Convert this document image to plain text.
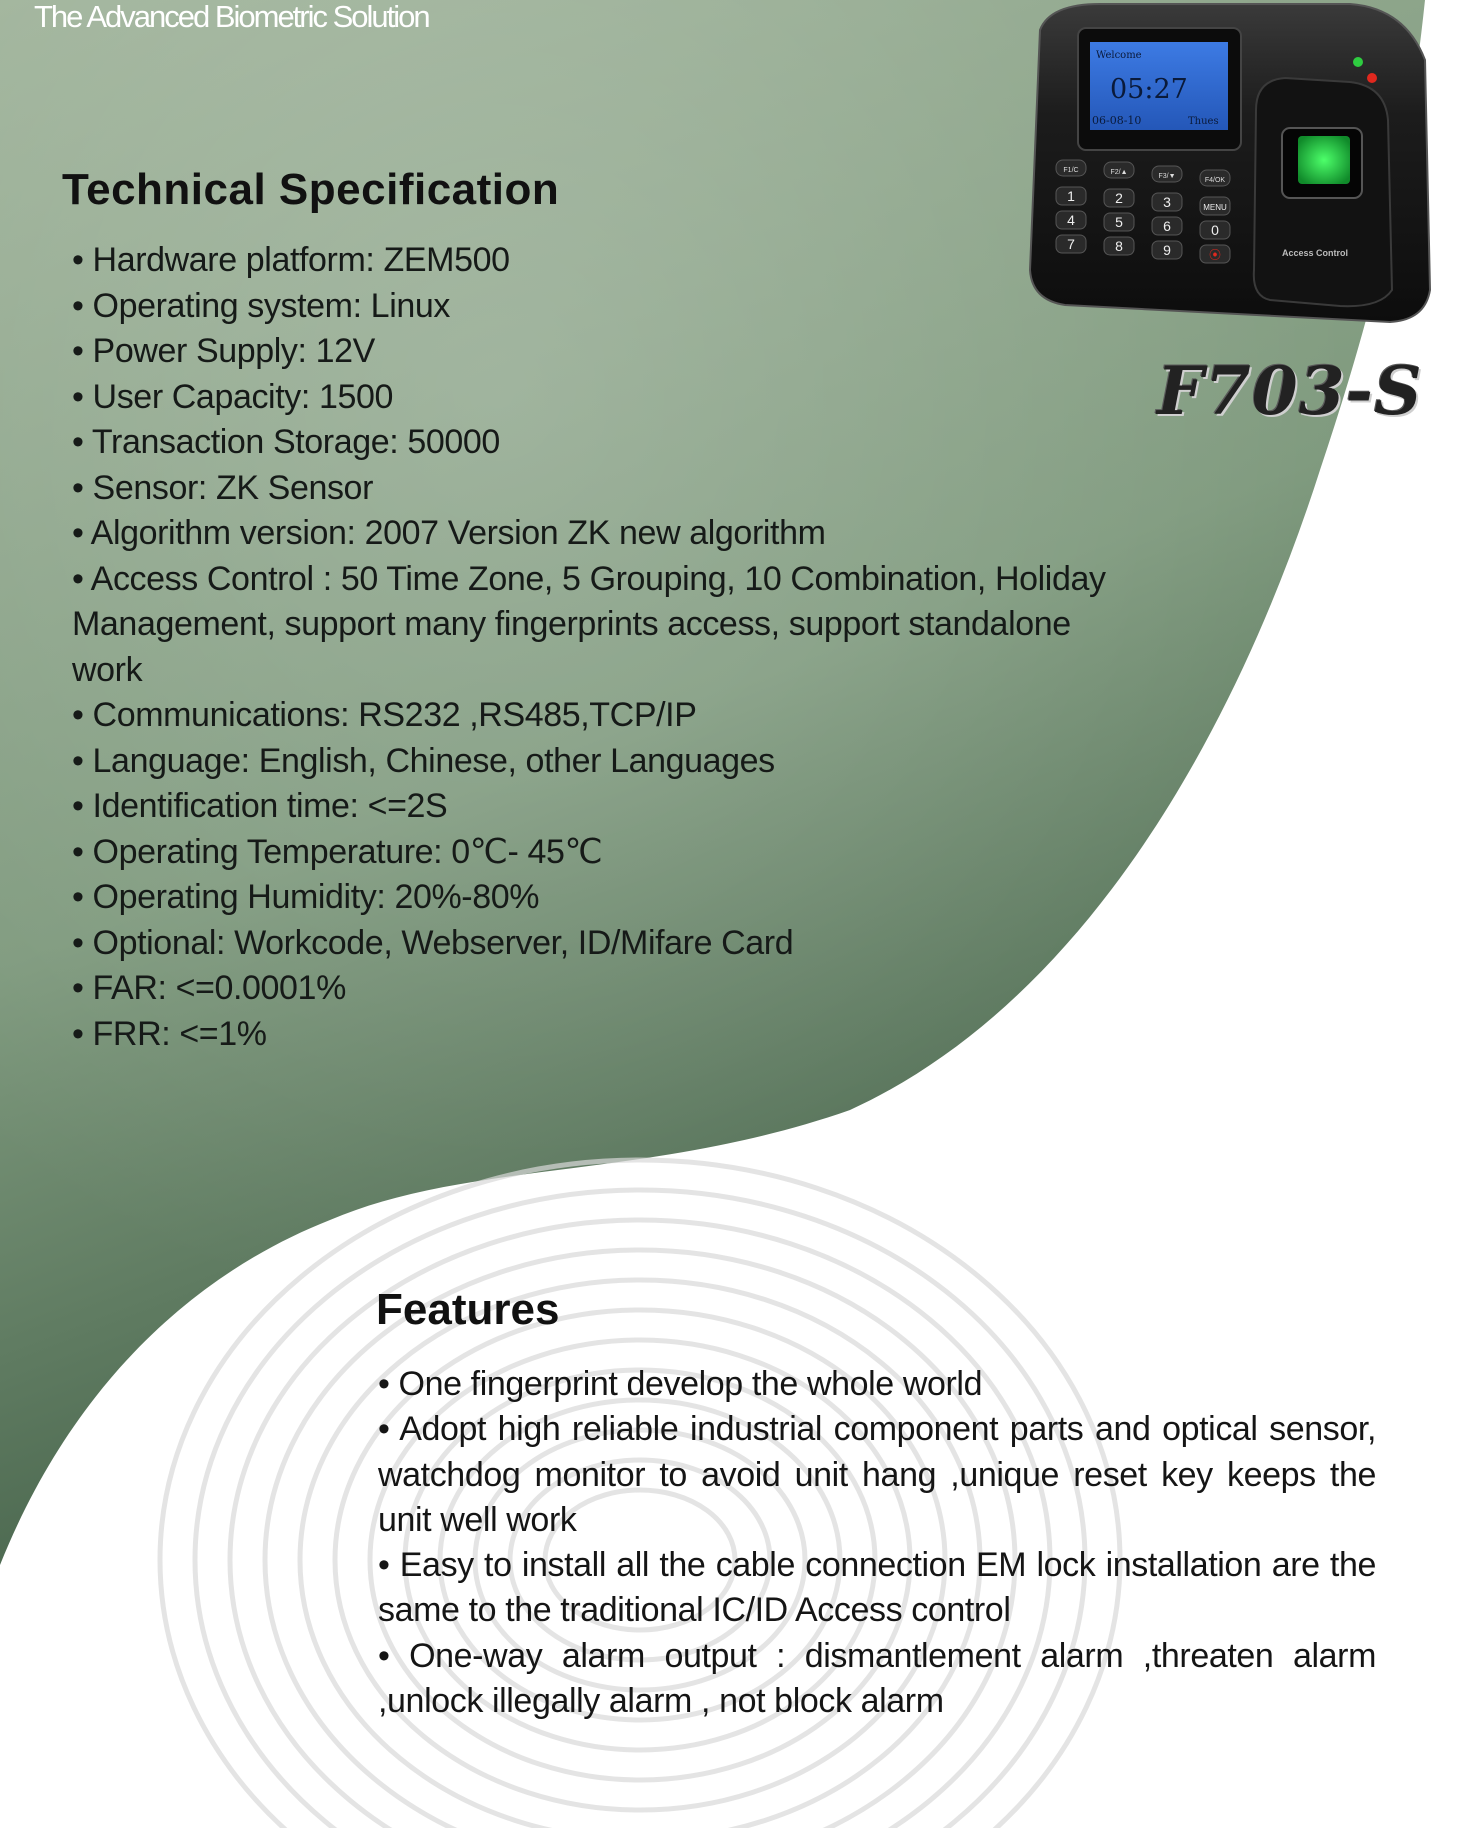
The Advanced Biometric Solution
Technical Specification
• Hardware platform: ZEM500
• Operating system: Linux
• Power Supply: 12V
• User Capacity: 1500
• Transaction Storage: 50000
• Sensor: ZK Sensor
• Algorithm version: 2007 Version ZK new algorithm
• Access Control : 50 Time Zone, 5 Grouping, 10 Combination, Holiday Management, support many fingerprints access, support standalone work
• Communications: RS232 ,RS485,TCP/IP
• Language: English, Chinese, other Languages
• Identification time: <=2S
• Operating Temperature: 0℃- 45℃
• Operating Humidity: 20%-80%
• Optional: Workcode, Webserver, ID/Mifare Card
• FAR: <=0.0001%
• FRR: <=1%
Welcome
05:27
06-08-10	Thues
Access Control
F1/C	F2/▲
F3/▼
F4/OK
1	2	3	MENU
4	5	6	0
7	8	9	⦿
F703-S
Features
• One fingerprint develop the whole world
• Adopt high reliable industrial component parts and optical sensor, watchdog monitor to avoid unit hang ,unique reset key keeps the unit well work
• Easy to install all the cable connection EM lock installation are the same to the traditional IC/ID Access control
• One-way alarm output : dismantlement alarm ,threaten alarm ,unlock illegally alarm , not block alarm
